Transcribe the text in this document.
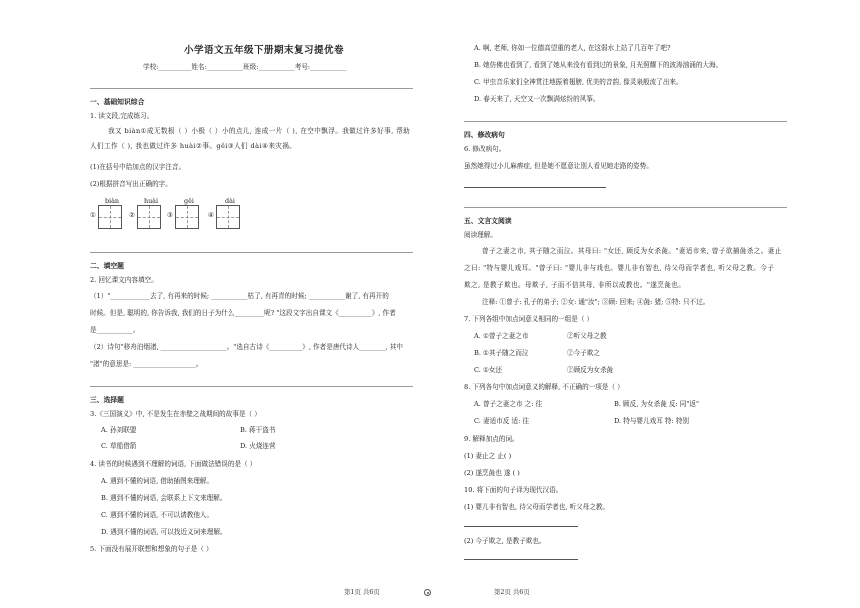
小学语文五年级下册期末复习提优卷
学校:__________姓名:___________班级:___________考号:___________
一、基础知识综合
1. 读文段,完成练习。
我又 biàn①成无数根（ ）小极（ ）小的点儿, 连成一片（ ), 在空中飘浮。我做过许多好事, 帮助
人们工作（ ), 我也做过许多 huài②事。gěi③人们 dài④来灾祸。
(1)在括号中给加点的汉字注音。
(2)根据拼音写出正确的字。
biàn
①
huài
②
gěi
③
dài
④
二、填空题
2. 回忆课文内容填空。
（1）"____________去了, 有再来的时候; ___________枯了, 有再青的时候; ___________谢了, 有再开的
时候。但是, 聪明的, 你告诉我, 我们的日子为什么_________呢? "这段文字出自课文《__________》, 作者
是___________。
（2）诗句"移舟泊烟渚, ____________________。"选自古诗《__________》, 作者是唐代诗人________, 其中
"渚"的意思是: ___________________。
三、选择题
3.《三国演义》中, 不是发生在赤壁之战期间的故事是（ ）
A. 孙刘联盟	B. 蒋干盗书
C. 草船借箭	D. 火烧连营
4. 读书的时候遇到不理解的词语, 下面做法错误的是（ ）
A. 遇到不懂的词语, 借助插图来理解。
B. 遇到不懂的词语, 会联系上下文来理解。
C. 遇到不懂的词语, 不可以请教他人。
D. 遇到不懂的词语, 可以找近义词来理解。
5. 下面没有展开联想和想象的句子是（ ）
第1页 共6页
A. 啊, 老师, 你如一位德高望重的老人, 在这弱水上站了几百年了吧?
B. 她仿佛也看到了, 看到了她从来没有看到过的景象, 月光照耀下的波涛汹涌的大海。
C. 甲虫音乐家们全神贯注地振着翅膀, 优美的音韵, 像灵泉般流了出来。
D. 春天来了, 天空又一次飘满炫纷的风筝。
四、修改病句
6. 修改病句。
虽然她得过小儿麻痹症, 但是她不愿意让别人看见她走路的姿势。
五、文言文阅读
阅读理解。
曾子之妻之市, 其子随之而泣。其母曰: "女还, 顾反为女杀彘。"妻适市来, 曾子欲捕彘杀之。妻止
之曰: "特与婴儿戏耳。"曾子曰: "婴儿非与戏也。婴儿非有智也, 待父母而学者也, 听父母之教。今子
欺之, 是教子欺也。母欺子, 子而不信其母, 非所以成教也。"遂烹彘也。
注释: ①曾子: 孔子的弟子; ②女: 通"汝"; ③顾: 回来; ④彘: 猪; ⑤特: 只不过。
7. 下列各组中加点词意义相同的一组是（ ）
A. ①曾子之妻之市	②听父母之教
B. ①其子随之而泣	②今子欺之
C. ①女还	②顾反为女杀彘
8. 下列各句中加点词意义的解释, 不正确的一项是（ ）
A. 曾子之妻之市 之: 往	B. 顾反, 为女杀彘 反: 同"返"
C. 妻适市反 适: 往	D. 特与婴儿戏耳 特: 特别
9. 解释加点的词。
(1) 妻止之 止( )
(2) 遂烹彘也 遂 ( )
10. 将下面的句子译为现代汉语。
(1) 婴儿非有智也, 待父母而学者也, 听父母之教。
(2) 今子欺之, 是教子欺也。
第2页 共6页
